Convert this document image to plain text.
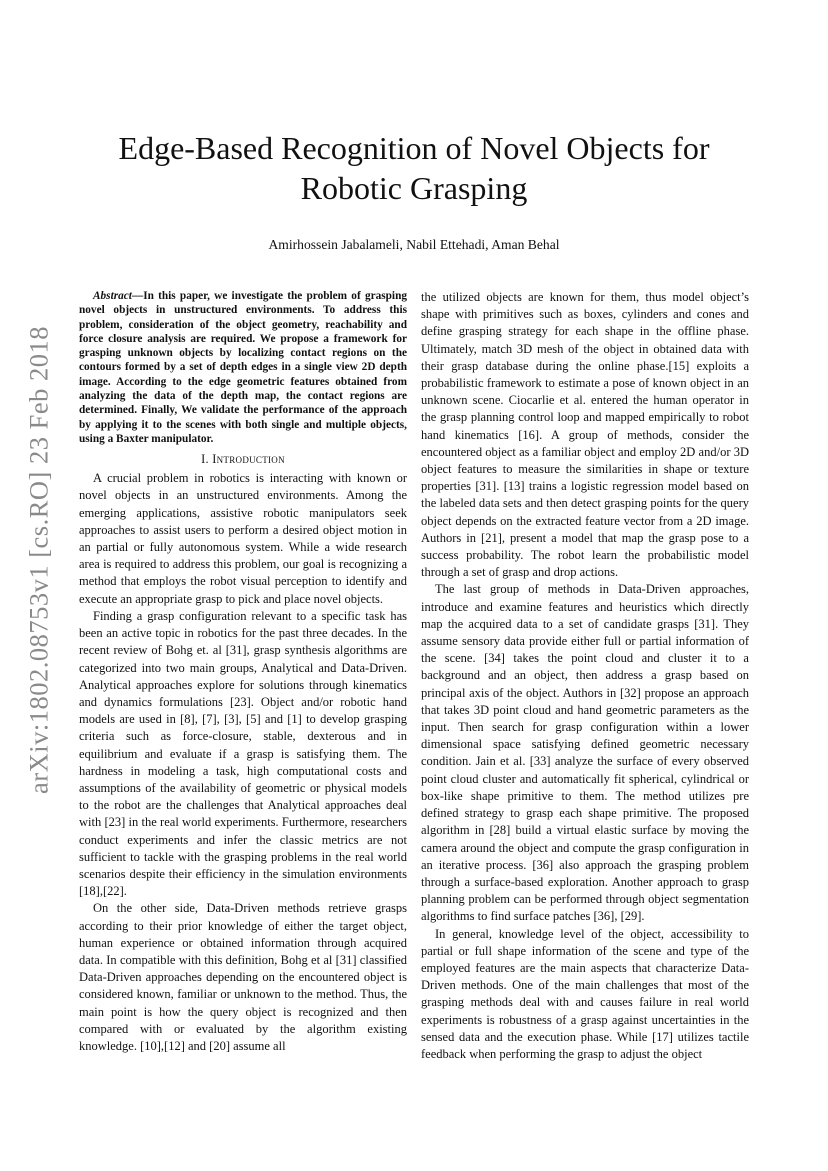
arXiv:1802.08753v1 [cs.RO] 23 Feb 2018
Edge-Based Recognition of Novel Objects for Robotic Grasping
Amirhossein Jabalameli, Nabil Ettehadi, Aman Behal

Abstract—In this paper, we investigate the problem of grasping novel objects in unstructured environments. To address this problem, consideration of the object geometry, reachability and force closure analysis are required. We propose a framework for grasping unknown objects by localizing contact regions on the contours formed by a set of depth edges in a single view 2D depth image. According to the edge geometric features obtained from analyzing the data of the depth map, the contact regions are determined. Finally, We validate the performance of the approach by applying it to the scenes with both single and multiple objects, using a Baxter manipulator.

I. Introduction

A crucial problem in robotics is interacting with known or novel objects in an unstructured environments. Among the emerging applications, assistive robotic manipulators seek approaches to assist users to perform a desired object motion in an partial or fully autonomous system. While a wide research area is required to address this problem, our goal is recognizing a method that employs the robot visual perception to identify and execute an appropriate grasp to pick and place novel objects.

Finding a grasp configuration relevant to a specific task has been an active topic in robotics for the past three decades. In the recent review of Bohg et. al [31], grasp synthesis algorithms are categorized into two main groups, Analytical and Data-Driven. Analytical approaches explore for solutions through kinematics and dynamics formulations [23]. Object and/or robotic hand models are used in [8], [7], [3], [5] and [1] to develop grasping criteria such as force-closure, stable, dexterous and in equilibrium and evaluate if a grasp is satisfying them. The hardness in modeling a task, high computational costs and assumptions of the availability of geometric or physical models to the robot are the challenges that Analytical approaches deal with [23] in the real world experiments. Furthermore, researchers conduct experiments and infer the classic metrics are not sufficient to tackle with the grasping problems in the real world scenarios despite their efficiency in the simulation environments [18],[22].

On the other side, Data-Driven methods retrieve grasps according to their prior knowledge of either the target object, human experience or obtained information through acquired data. In compatible with this definition, Bohg et al [31] classified Data-Driven approaches depending on the encountered object is considered known, familiar or unknown to the method. Thus, the main point is how the query object is recognized and then compared with or evaluated by the algorithm existing knowledge. [10],[12] and [20] assume all

the utilized objects are known for them, thus model object’s shape with primitives such as boxes, cylinders and cones and define grasping strategy for each shape in the offline phase. Ultimately, match 3D mesh of the object in obtained data with their grasp database during the online phase.[15] exploits a probabilistic framework to estimate a pose of known object in an unknown scene. Ciocarlie et al. entered the human operator in the grasp planning control loop and mapped empirically to robot hand kinematics [16]. A group of methods, consider the encountered object as a familiar object and employ 2D and/or 3D object features to measure the similarities in shape or texture properties [31]. [13] trains a logistic regression model based on the labeled data sets and then detect grasping points for the query object depends on the extracted feature vector from a 2D image. Authors in [21], present a model that map the grasp pose to a success probability. The robot learn the probabilistic model through a set of grasp and drop actions.

The last group of methods in Data-Driven approaches, introduce and examine features and heuristics which directly map the acquired data to a set of candidate grasps [31]. They assume sensory data provide either full or partial information of the scene. [34] takes the point cloud and cluster it to a background and an object, then address a grasp based on principal axis of the object. Authors in [32] propose an approach that takes 3D point cloud and hand geometric parameters as the input. Then search for grasp configuration within a lower dimensional space satisfying defined geometric necessary condition. Jain et al. [33] analyze the surface of every observed point cloud cluster and automatically fit spherical, cylindrical or box-like shape primitive to them. The method utilizes pre defined strategy to grasp each shape primitive. The proposed algorithm in [28] build a virtual elastic surface by moving the camera around the object and compute the grasp configuration in an iterative process. [36] also approach the grasping problem through a surface-based exploration. Another approach to grasp planning problem can be performed through object segmentation algorithms to find surface patches [36], [29].

In general, knowledge level of the object, accessibility to partial or full shape information of the scene and type of the employed features are the main aspects that characterize Data-Driven methods. One of the main challenges that most of the grasping methods deal with and causes failure in real world experiments is robustness of a grasp against uncertainties in the sensed data and the execution phase. While [17] utilizes tactile feedback when performing the grasp to adjust the object
